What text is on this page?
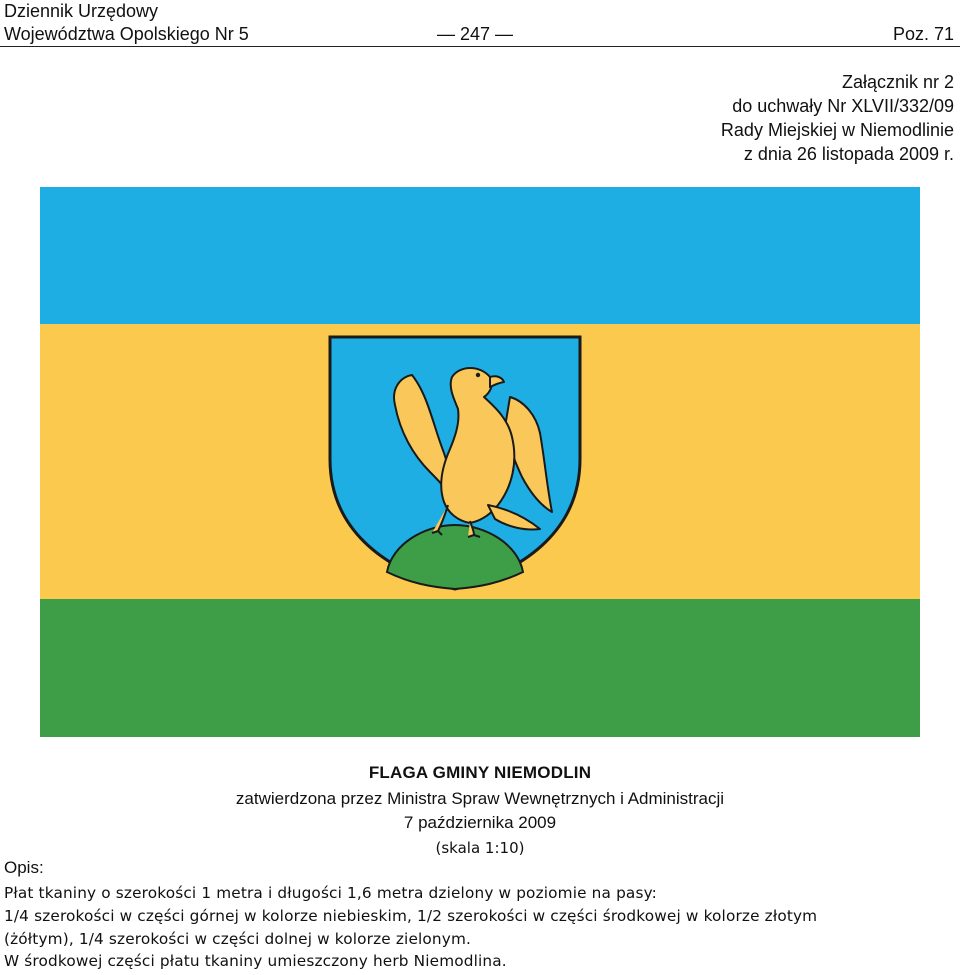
Dziennik Urzędowy
Województwa Opolskiego Nr 5	— 247 —	Poz. 71
Załącznik nr 2
do uchwały Nr XLVII/332/09
Rady Miejskiej w Niemodlinie
z dnia 26 listopada 2009 r.
FLAGA GMINY NIEMODLIN
zatwierdzona przez Ministra Spraw Wewnętrznych i Administracji
7 października 2009
(skala 1:10)
Opis:
Płat tkaniny o szerokości 1 metra i długości 1,6 metra dzielony w poziomie na pasy:
1/4 szerokości w części górnej w kolorze niebieskim, 1/2 szerokości w części środkowej w kolorze złotym
(żółtym), 1/4 szerokości w części dolnej w kolorze zielonym.
W środkowej części płatu tkaniny umieszczony herb Niemodlina.
